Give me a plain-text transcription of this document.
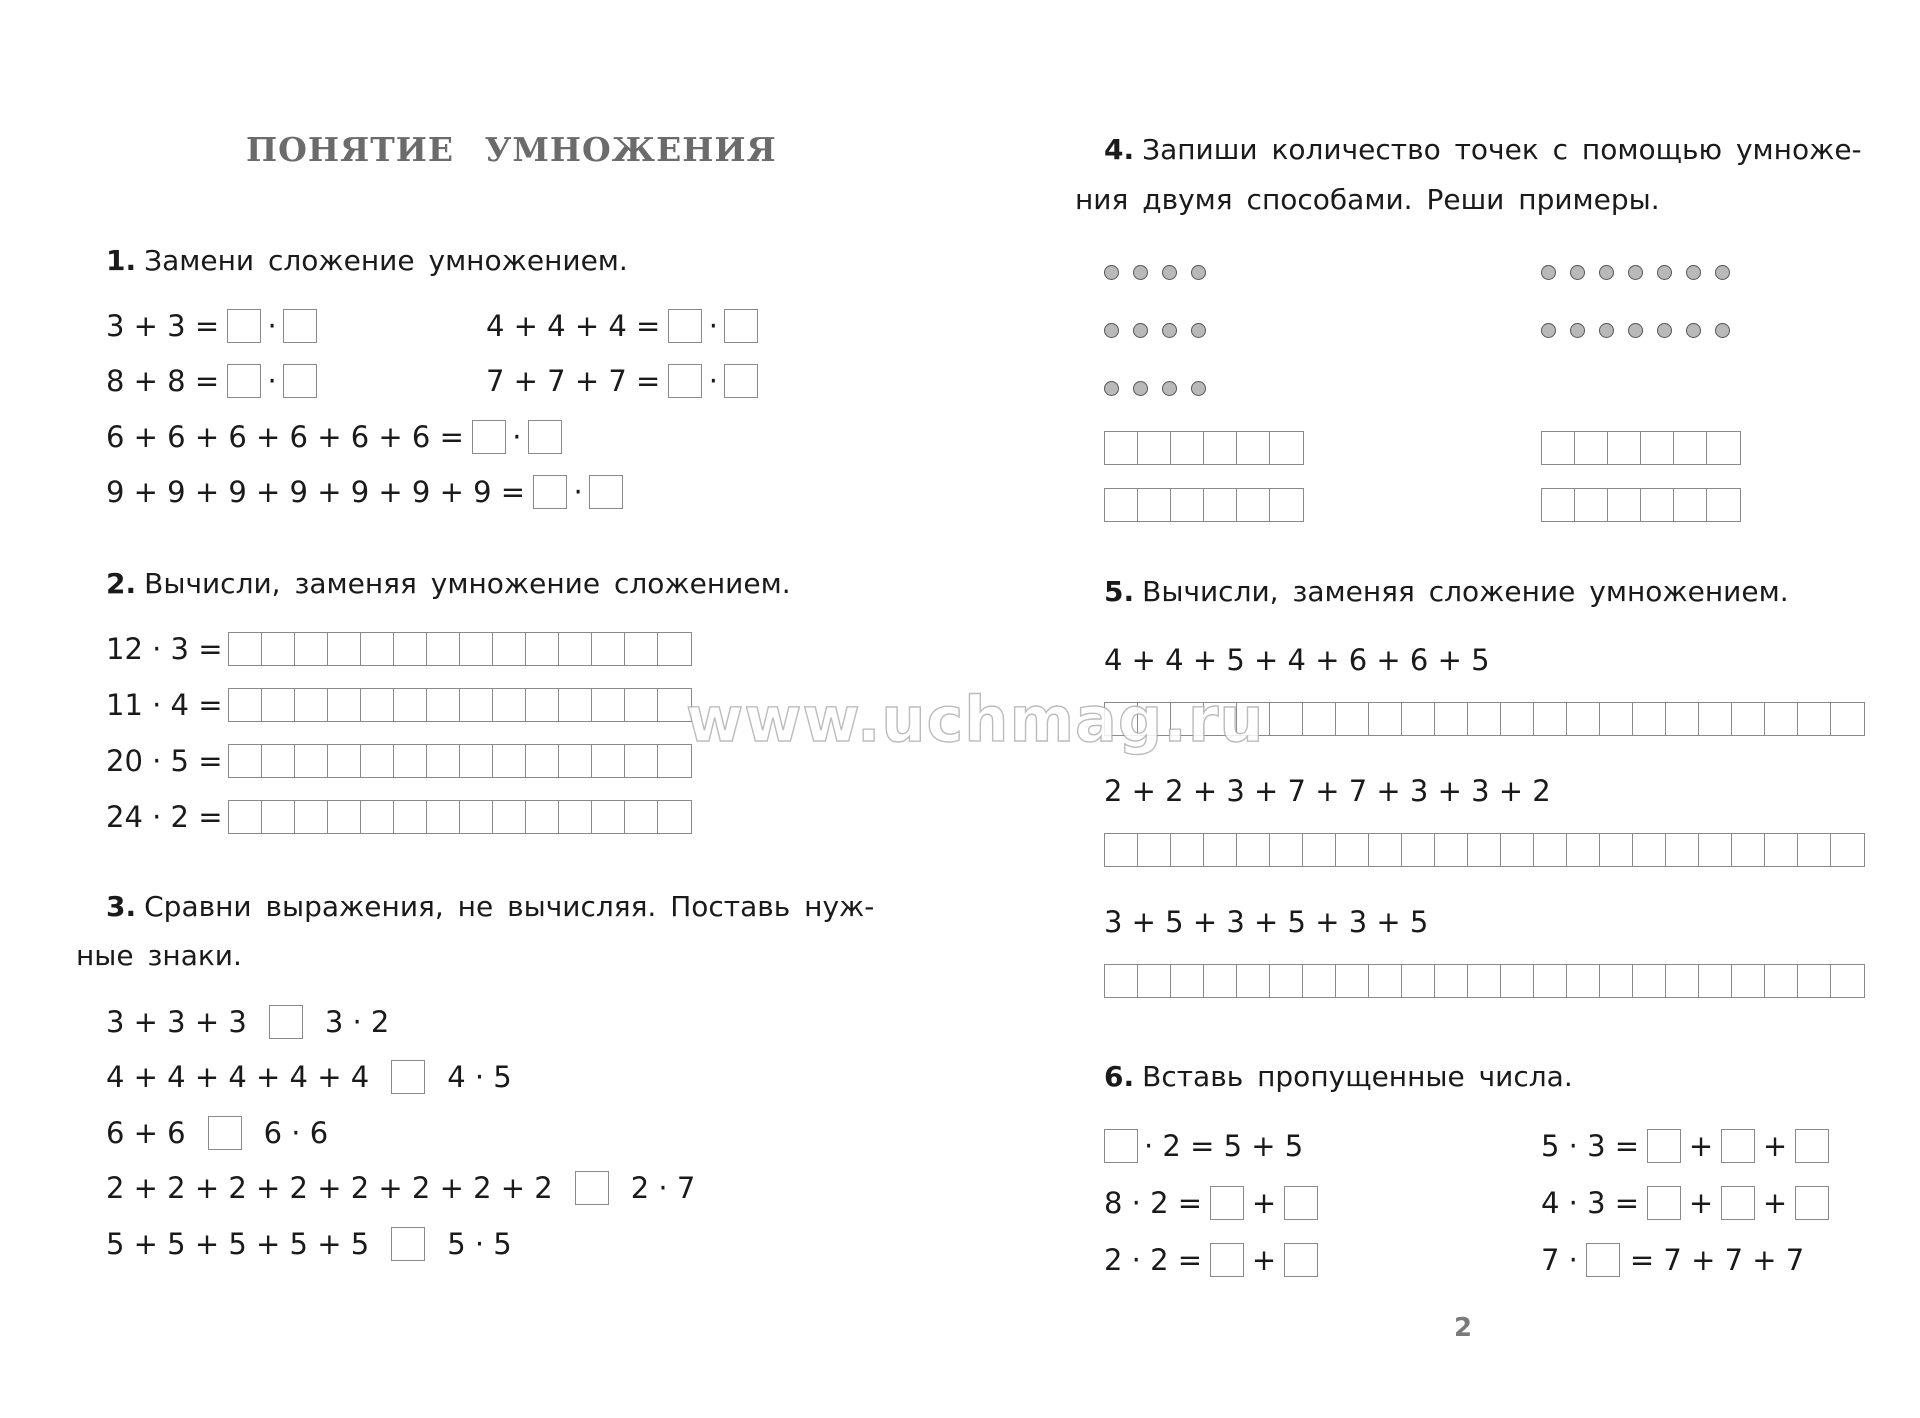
ПОНЯТИЕ УМНОЖЕНИЯ
1. Замени сложение умножением.
3 + 3 = ·
8 + 8 = ·
6 + 6 + 6 + 6 + 6 + 6 = ·
9 + 9 + 9 + 9 + 9 + 9 + 9 = ·
4 + 4 + 4 = ·
7 + 7 + 7 = ·
2. Вычисли, заменяя умножение сложением.
12 · 3 =
11 · 4 =
20 · 5 =
24 · 2 =
3. Сравни выражения, не вычисляя. Поставь нуж-
ные знаки.
3 + 3 + 3	3 · 2
4 + 4 + 4 + 4 + 4	4 · 5
6 + 6	6 · 6
2 + 2 + 2 + 2 + 2 + 2 + 2 + 2	2 · 7
5 + 5 + 5 + 5 + 5	5 · 5
4. Запиши количество точек с помощью умноже-
ния двумя способами. Реши примеры.
5. Вычисли, заменяя сложение умножением.
4 + 4 + 5 + 4 + 6 + 6 + 5
2 + 2 + 3 + 7 + 7 + 3 + 3 + 2
3 + 5 + 3 + 5 + 3 + 5
6. Вставь пропущенные числа.
· 2 = 5 + 5
8 · 2 = +
2 · 2 = +
5 · 3 = + +
4 · 3 = + +
7 · = 7 + 7 + 7
2
www.uchmag.ru
